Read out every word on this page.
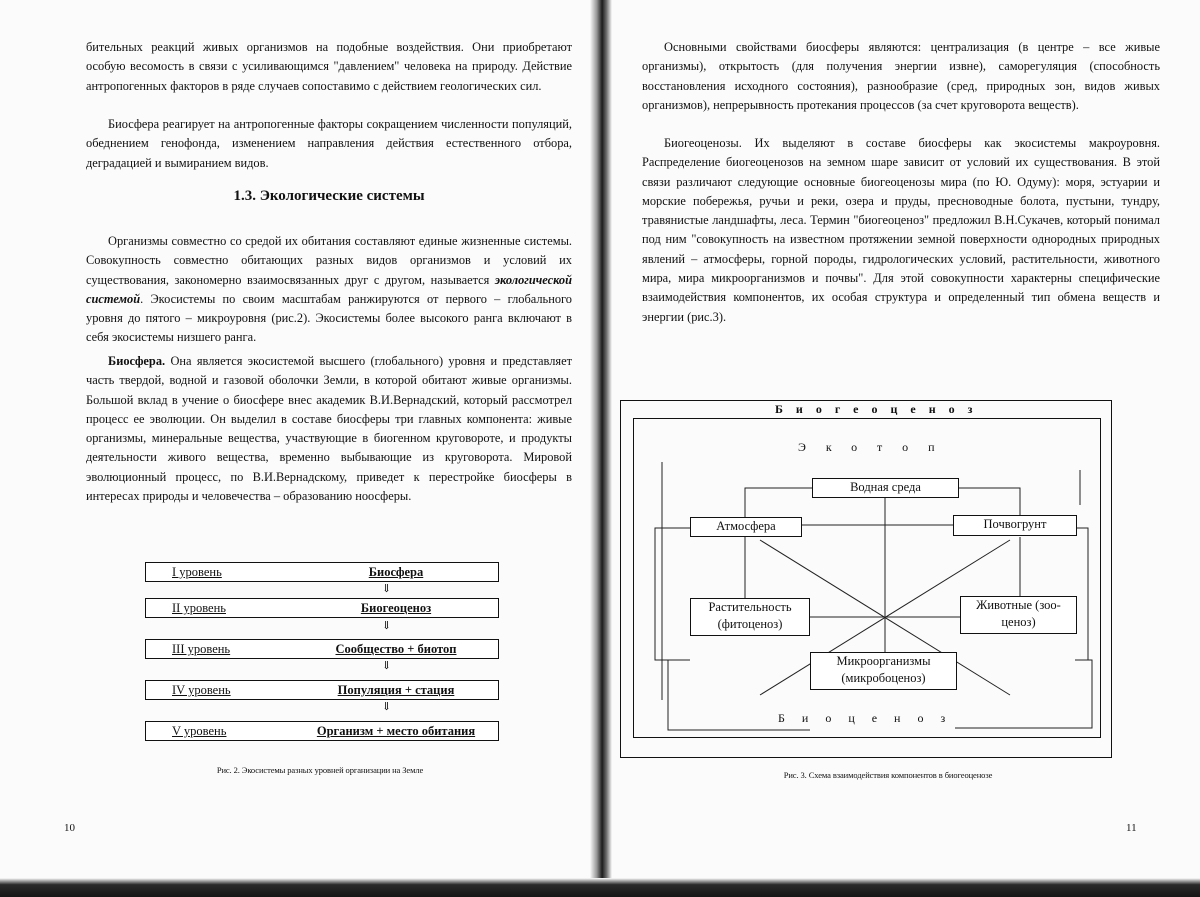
бительных реакций живых организмов на подобные воздействия. Они приобретают особую весомость в связи с усиливающимся "давлением" человека на природу. Действие антропогенных факторов в ряде случаев сопоставимо с действием геологических сил.

Биосфера реагирует на антропогенные факторы сокращением численности популяций, обеднением генофонда, изменением направления действия естественного отбора, деградацией и вымиранием видов.

1.3. Экологические системы

Организмы совместно со средой их обитания составляют единые жизненные системы. Совокупность совместно обитающих разных видов организмов и условий их существования, закономерно взаимосвязанных друг с другом, называется экологической системой. Экосистемы по своим масштабам ранжируются от первого – глобального уровня до пятого – микроуровня (рис.2). Экосистемы более высокого ранга включают в себя экосистемы низшего ранга.

Биосфера. Она является экосистемой высшего (глобального) уровня и представляет часть твердой, водной и газовой оболочки Земли, в которой обитают живые организмы. Большой вклад в учение о биосфере внес академик В.И.Вернадский, который рассмотрел процесс ее эволюции. Он выделил в составе биосферы три главных компонента: живые организмы, минеральные вещества, участвующие в биогенном круговороте, и продукты деятельности живого вещества, временно выбывающие из круговорота. Мировой эволюционный процесс, по В.И.Вернадскому, приведет к перестройке биосферы в интересах природы и человечества – образованию ноосферы.

I уровень	Биосфера
⇓
II уровень	Биогеоценоз
⇓
III уровень	Сообщество + биотоп
⇓
IV уровень	Популяция + стация
⇓
V уровень	Организм + место обитания

Рис. 2. Экосистемы разных уровней организации на Земле

10

Основными свойствами биосферы являются: централизация (в центре – все живые организмы), открытость (для получения энергии извне), саморегуляция (способность восстановления исходного состояния), разнообразие (сред, природных зон, видов живых организмов), непрерывность протекания процессов (за счет круговорота веществ).

Биогеоценозы. Их выделяют в составе биосферы как экосистемы макроуровня. Распределение биогеоценозов на земном шаре зависит от условий их существования. В этой связи различают следующие основные биогеоценозы мира (по Ю. Одуму): моря, эстуарии и морские побережья, ручьи и реки, озера и пруды, пресноводные болота, пустыни, тундру, травянистые ландшафты, леса. Термин "биогеоценоз" предложил В.Н.Сукачев, который понимал под ним "совокупность на известном протяжении земной поверхности однородных природных явлений – атмосферы, горной породы, гидрологических условий, растительности, животного мира, мира микроорганизмов и почвы". Для этой совокупности характерны специфические взаимодействия компонентов, их особая структура и определенный тип обмена веществ и энергии (рис.3).

Рис. 3. Схема взаимодействия компонентов в биогеоценозе

11

Биогеоценоз

Экотоп

Водная среда
Атмосфера	Почвогрунт
Растительность
(фитоценоз)
Животные (зоо-
ценоз)
Микроорганизмы
(микробоценоз)

Биоценоз
